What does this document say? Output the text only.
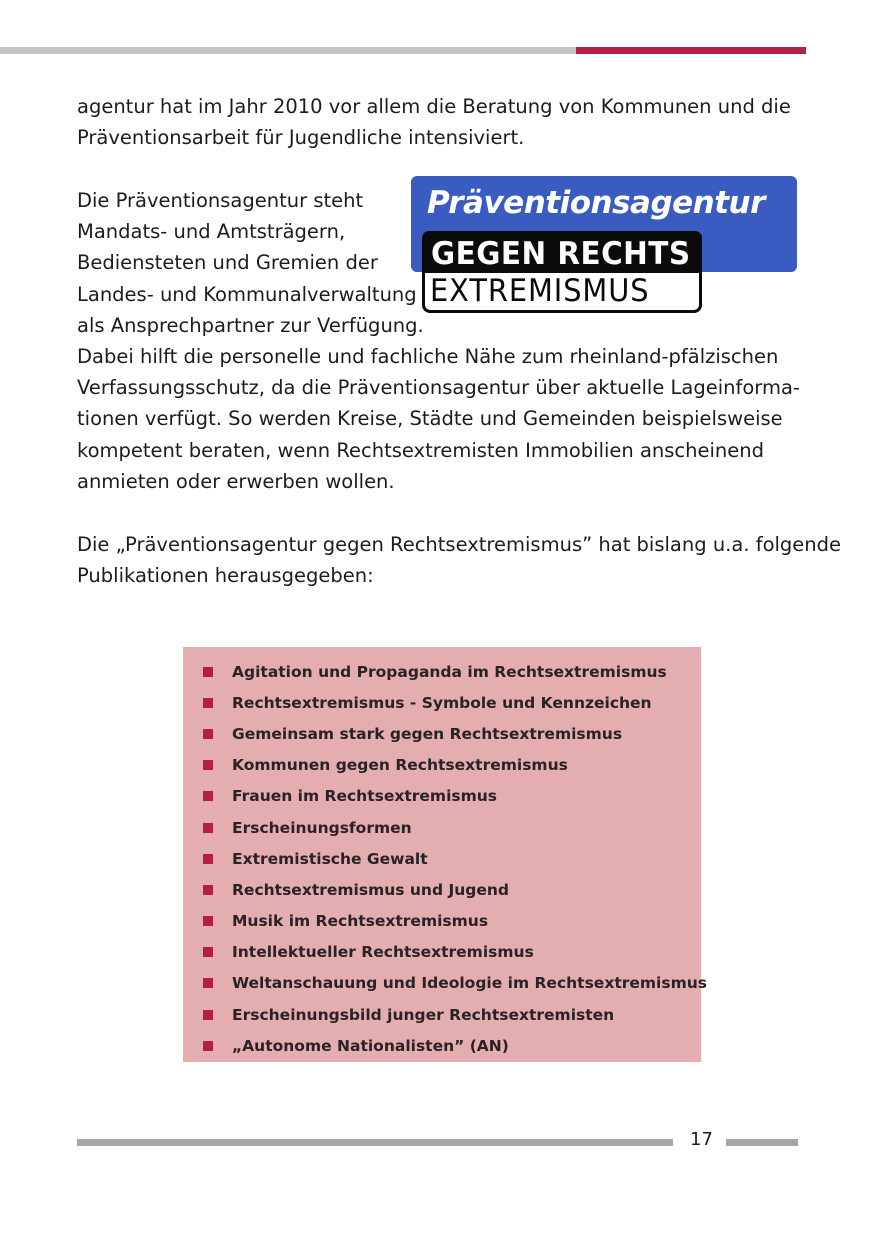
agentur hat im Jahr 2010 vor allem die Beratung von Kommunen und die
Präventionsarbeit für Jugendliche intensiviert.
Die Präventionsagentur steht
Mandats- und Amtsträgern,
Bediensteten und Gremien der
Landes- und Kommunalverwaltung
als Ansprechpartner zur Verfügung.
Dabei hilft die personelle und fachliche Nähe zum rheinland-pfälzischen
Verfassungsschutz, da die Präventionsagentur über aktuelle Lageinforma-
tionen verfügt. So werden Kreise, Städte und Gemeinden beispielsweise
kompetent beraten, wenn Rechtsextremisten Immobilien anscheinend
anmieten oder erwerben wollen.
Präventionsagentur
GEGEN RECHTS
EXTREMISMUS
Die „Präventionsagentur gegen Rechtsextremismus” hat bislang u.a. folgende
Publikationen herausgegeben:
Agitation und Propaganda im Rechtsextremismus
Rechtsextremismus - Symbole und Kennzeichen
Gemeinsam stark gegen Rechtsextremismus
Kommunen gegen Rechtsextremismus
Frauen im Rechtsextremismus
Erscheinungsformen
Extremistische Gewalt
Rechtsextremismus und Jugend
Musik im Rechtsextremismus
Intellektueller Rechtsextremismus
Weltanschauung und Ideologie im Rechtsextremismus
Erscheinungsbild junger Rechtsextremisten
„Autonome Nationalisten” (AN)
17
